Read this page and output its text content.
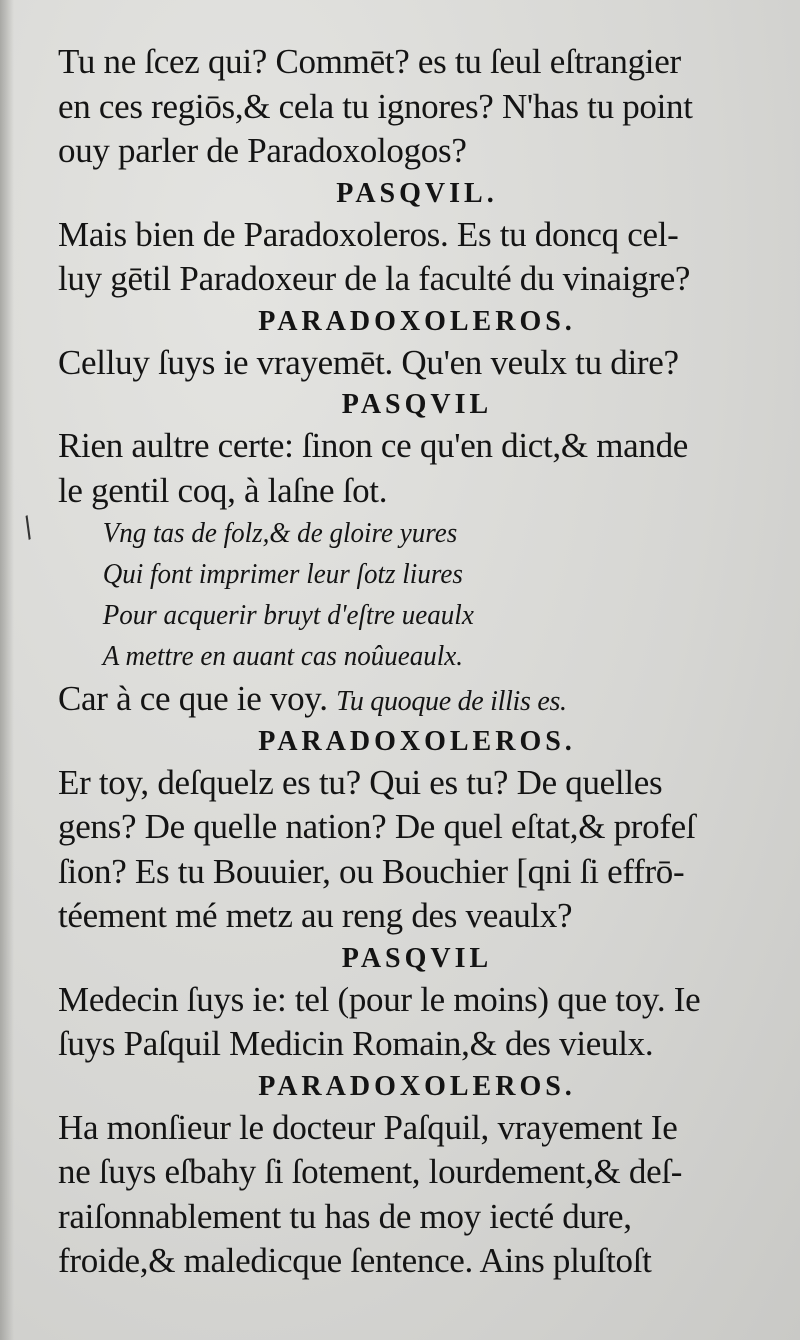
/
Tu ne ſcez qui? Commēt? es tu ſeul eſtrangier
en ces regiōs,& cela tu ignores? N'has tu point
ouy parler de Paradoxologos?
PASQVIL.
Mais bien de Paradoxoleros. Es tu doncq cel-
luy gētil Paradoxeur de la faculté du vinaigre?
PARADOXOLEROS.
Celluy ſuys ie vrayemēt. Qu'en veulx tu dire?
PASQVIL
Rien aultre certe: ſinon ce qu'en dict,& mande
le gentil coq, à laſne ſot.
Vng tas de folz,& de gloire yures
Qui font imprimer leur ſotz liures
Pour acquerir bruyt d'eſtre ueaulx
A mettre en auant cas noûueaulx.
Car à ce que ie voy. Tu quoque de illis es.
PARADOXOLEROS.
Er toy, deſquelz es tu? Qui es tu? De quelles
gens? De quelle nation? De quel eſtat,& profeſ
ſion? Es tu Bouuier, ou Bouchier [qni ſi effrō-
téement mé metz au reng des veaulx?
PASQVIL
Medecin ſuys ie: tel (pour le moins) que toy. Ie
ſuys Paſquil Medicin Romain,& des vieulx.
PARADOXOLEROS.
Ha monſieur le docteur Paſquil, vrayement Ie
ne ſuys eſbahy ſi ſotement, lourdement,& deſ-
raiſonnablement tu has de moy iecté dure,
froide,& maledicque ſentence. Ains pluſtoſt
